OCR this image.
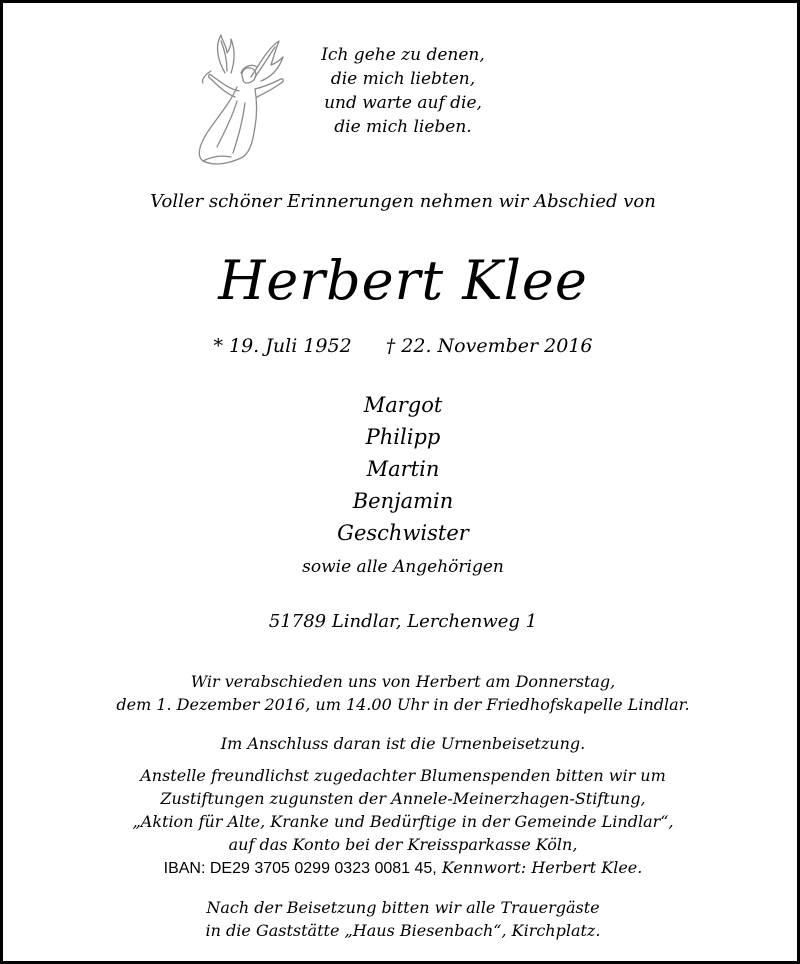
Ich gehe zu denen,
die mich liebten,
und warte auf die,
die mich lieben.
Voller schöner Erinnerungen nehmen wir Abschied von
Herbert Klee
* 19. Juli 1952 † 22. November 2016
Margot
Philipp
Martin
Benjamin
Geschwister
sowie alle Angehörigen
51789 Lindlar, Lerchenweg 1
Wir verabschieden uns von Herbert am Donnerstag,
dem 1. Dezember 2016, um 14.00 Uhr in der Friedhofskapelle Lindlar.
Im Anschluss daran ist die Urnenbeisetzung.
Anstelle freundlichst zugedachter Blumenspenden bitten wir um
Zustiftungen zugunsten der Annele-Meinerzhagen-Stiftung,
„Aktion für Alte, Kranke und Bedürftige in der Gemeinde Lindlar“,
auf das Konto bei der Kreissparkasse Köln,
IBAN: DE29 3705 0299 0323 0081 45, Kennwort: Herbert Klee.
Nach der Beisetzung bitten wir alle Trauergäste
in die Gaststätte „Haus Biesenbach“, Kirchplatz.
